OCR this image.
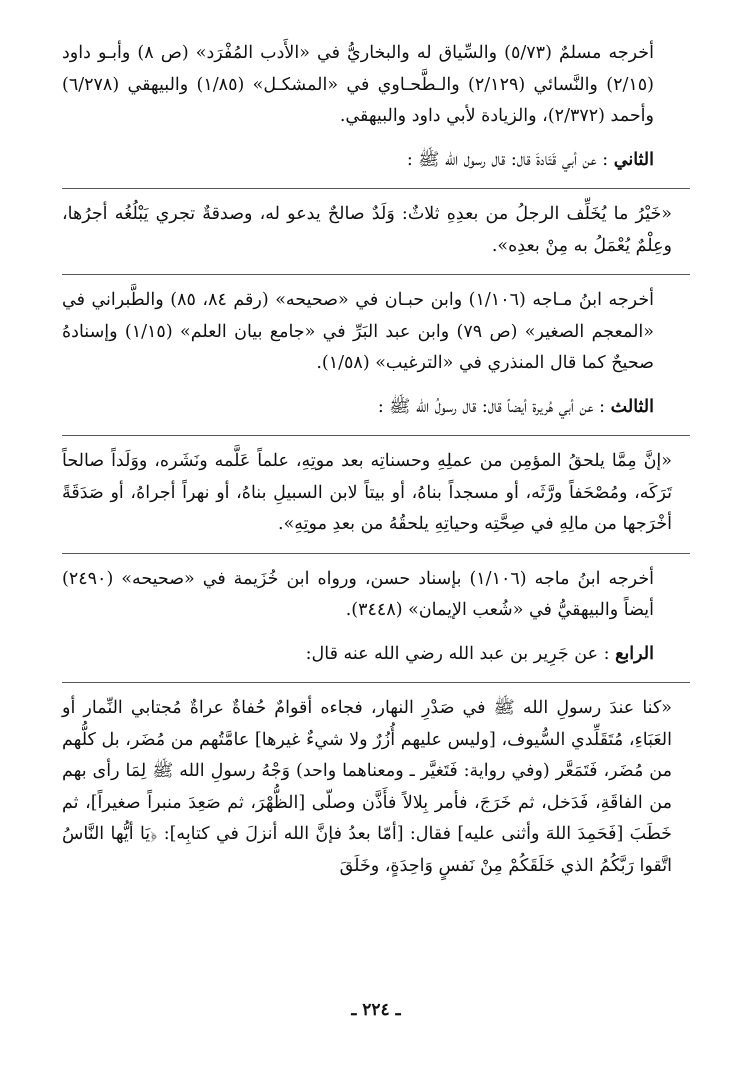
أخرجه مسلمٌ (٥/٧٣) والسِّياق له والبخاريُّ في «الأَدب المُفْرَد» (ص ٨) وأبـو داود (٢/١٥) والنَّسائي (٢/١٢٩) والـطَّحـاوي في «المشكـل» (١/٨٥) والبيهقي (٦/٢٧٨) وأحمد (٢/٣٧٢)، والزيادة لأبي داود والبيهقي.

الثاني : عن أبي قَتَادةَ قال: قال رسول الله ﷺ :

«خَيْرُ ما يُخَلِّف الرجلُ من بعدِهِ ثلاثٌ: وَلَدٌ صالحٌ يدعو له، وصدقةٌ تجري يَبْلُغُه أجرُها، وعِلْمٌ يُعْمَلُ به مِنْ بعدِه».

أخرجه ابنُ مـاجه (١/١٠٦) وابن حبـان في «صحيحه» (رقم ٨٤، ٨٥) والطَّبراني في «المعجم الصغير» (ص ٧٩) وابن عبد البَرِّ في «جامع بيان العلم» (١/١٥) وإسنادهُ صحيحٌ كما قال المنذري في «الترغيب» (١/٥٨).

الثالث : عن أبي هُريرة أيضاً قال: قال رسولُ الله ﷺ :

«إنَّ مِمَّا يلحقُ المؤمِن من عملِهِ وحسناتِه بعد موتِهِ، علماً عَلَّمه ونَشَره، ووَلَداً صالحاً تَرَكَه، ومُصْحَفاً ورَّثَه، أو مسجداً بناهُ، أو بيتاً لابن السبيلِ بناهُ، أو نهراً أجراهُ، أو صَدَقَةً أخْرَجها من مالِهِ في صِحَّتِه وحياتِهِ يلحقُهُ من بعدِ موتِهِ».

أخرجه ابنُ ماجه (١/١٠٦) بإسناد حسن، ورواه ابن خُزَيمة في «صحيحه» (٢٤٩٠) أيضاً والبيهقيُّ في «شُعب الإيمان» (٣٤٤٨).

الرابع : عن جَرِير بن عبد الله رضي الله عنه قال:

«كنا عندَ رسولِ الله ﷺ في صَدْرِ النهار، فجاءه أقوامٌ حُفاةٌ عراةٌ مُجتابي النِّمار أو العَبَاءِ، مُتَقَلِّدي السُّيوف، [وليس عليهم أُزُرٌ ولا شيءٌ غيرها] عامَّتُهم من مُضَر، بل كلُّهم من مُضَر، فَتَمَعَّر (وفي رواية: فَتَغيَّر ـ ومعناهما واحد) وَجْهُ رسولِ الله ﷺ لِمَا رأى بهم من الفاقَةِ، فَدَخل، ثم خَرَجَ، فأمر بِلالاً فأَذَّن وصلّى [الظُّهْرَ، ثم صَعِدَ منبراً صغيراً]، ثم خَطَبَ [فَحَمِدَ اللهَ وأثنى عليه] فقال: [أمّا بعدُ فإنَّ الله أنزلَ في كتابِه]: ﴿يَا أيُّها النَّاسُ اتَّقوا رَبَّكُمُ الذي خَلَقَكُمْ مِنْ نَفسٍ وَاحِدَةٍ، وخَلَقَ

ـ ٢٢٤ ـ
